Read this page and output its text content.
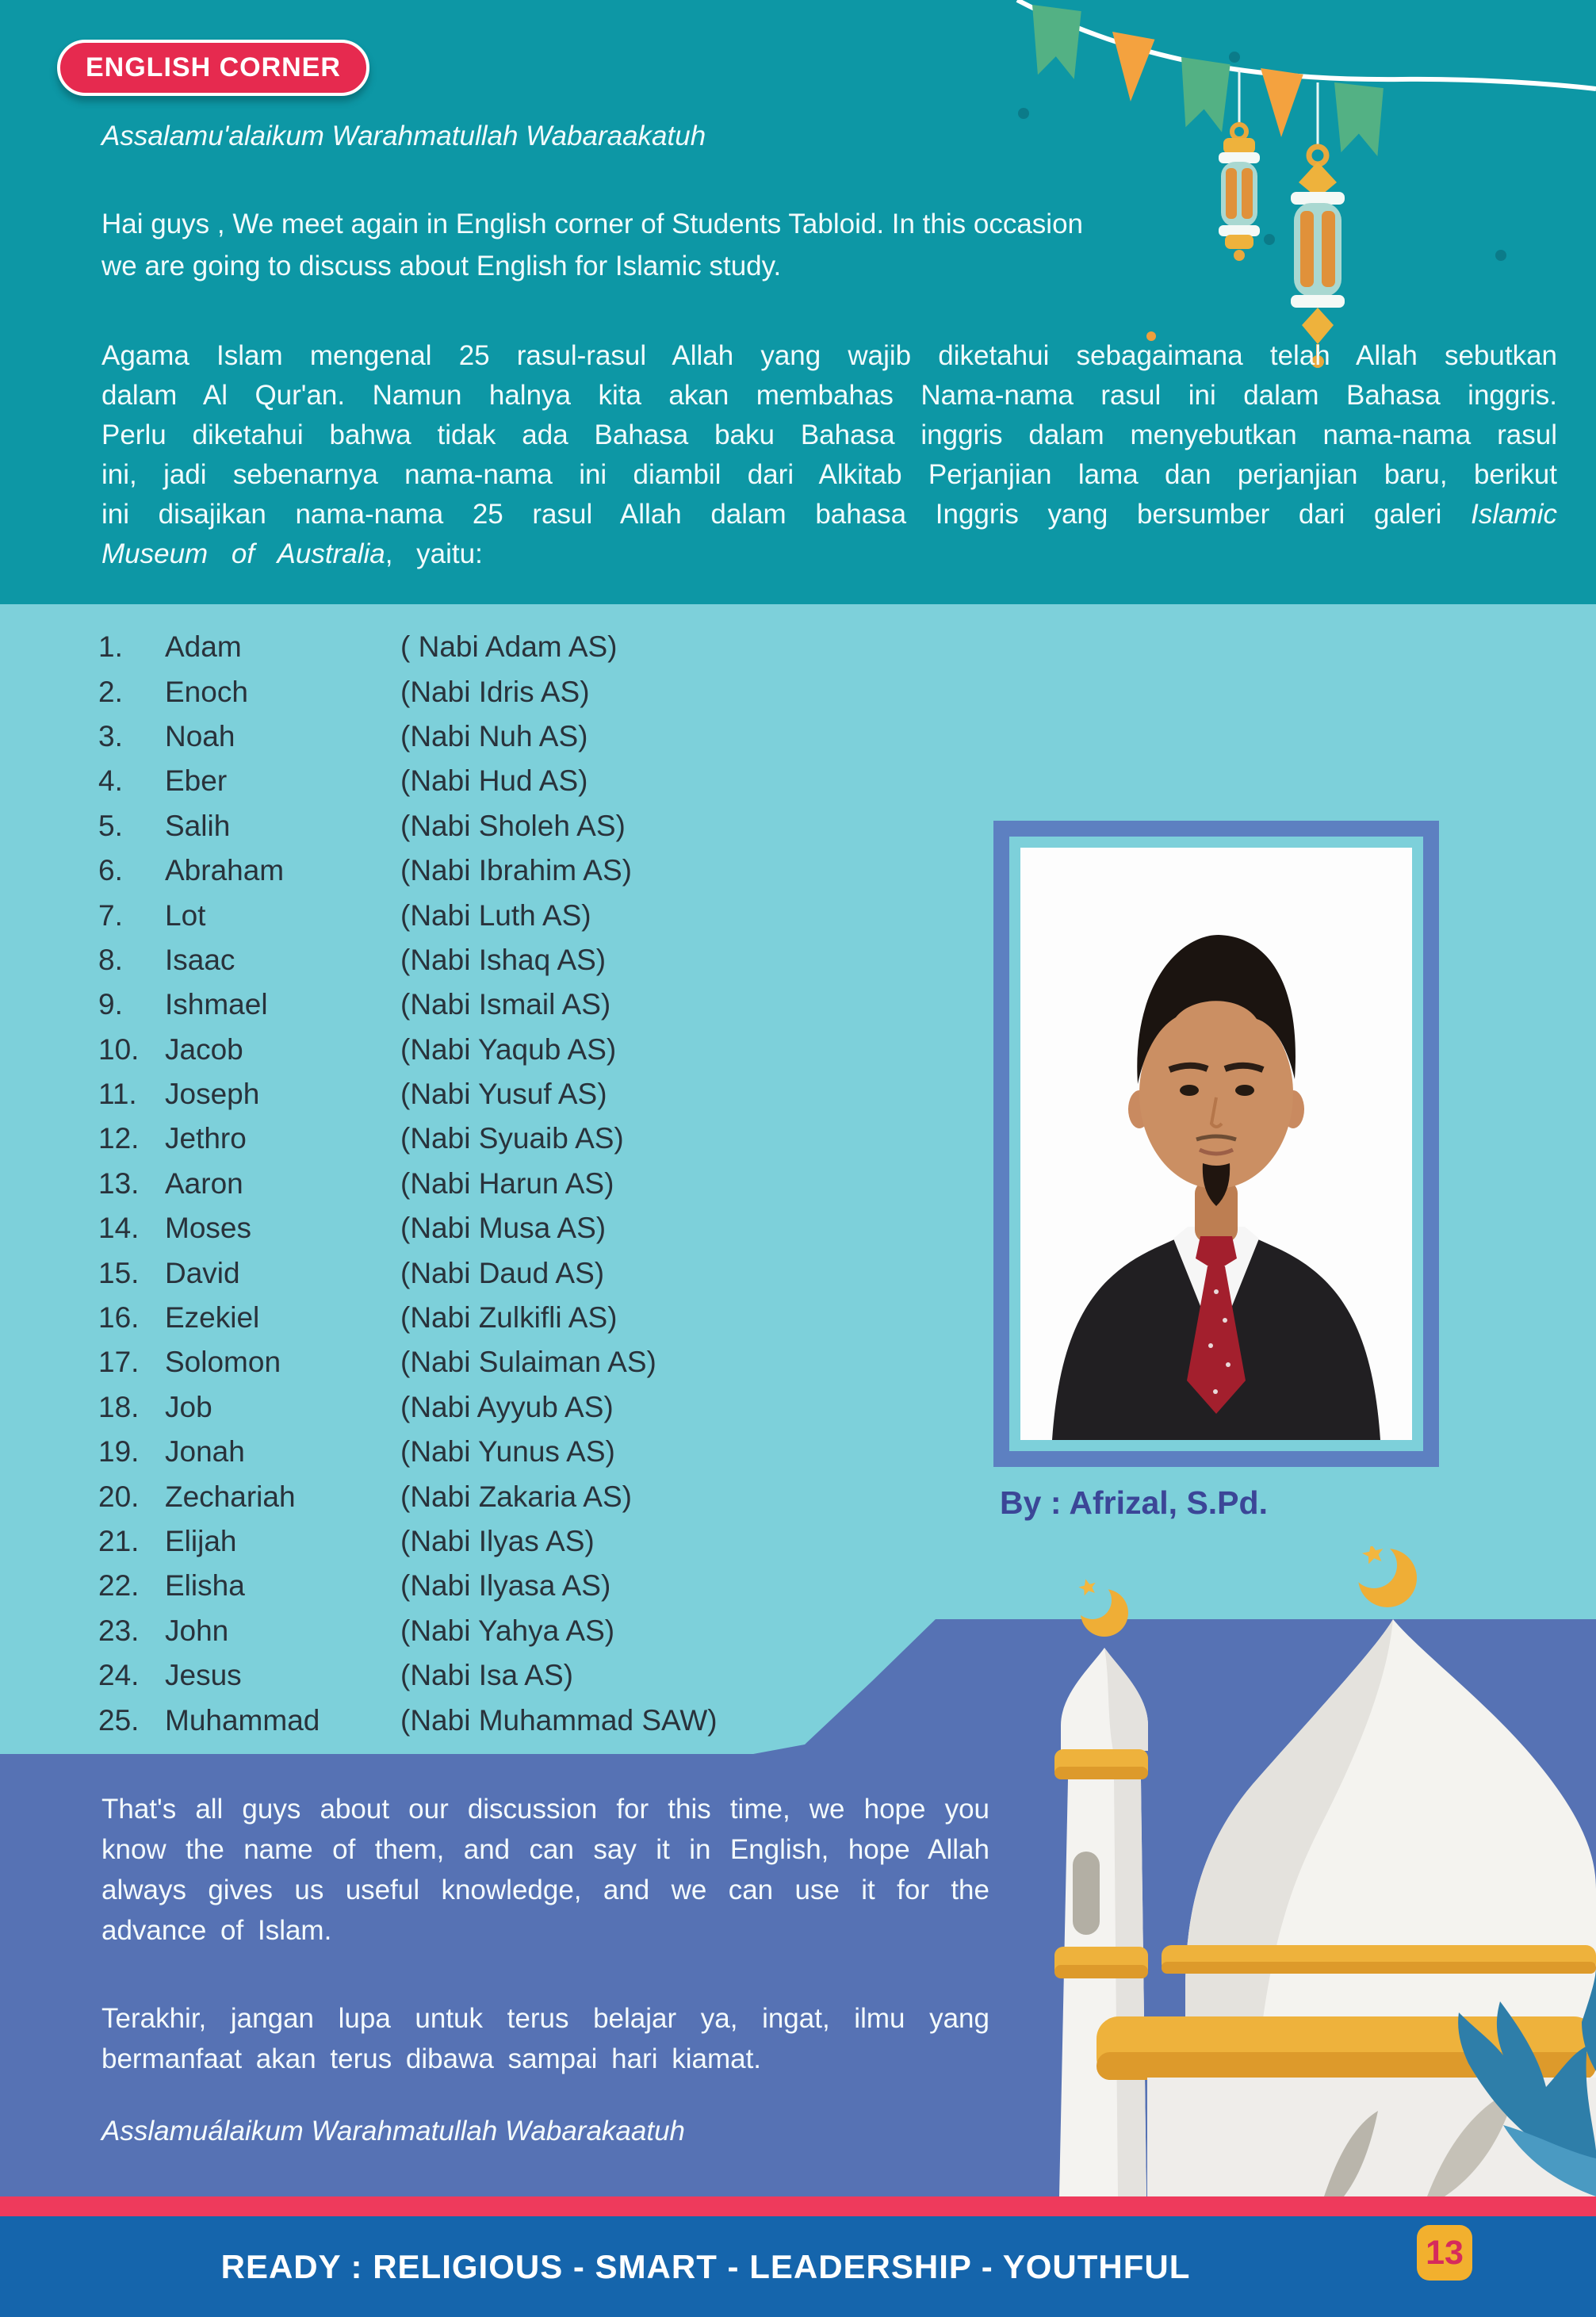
ENGLISH CORNER
Assalamu'alaikum Warahmatullah Wabaraakatuh
Hai guys , We meet again in English corner of Students Tabloid. In this occasion
we are going to discuss about English for Islamic study.
Agama Islam mengenal 25 rasul-rasul Allah yang wajib diketahui sebagaimana telah Allah sebutkan dalam Al Qur'an. Namun halnya kita akan membahas Nama-nama rasul ini dalam Bahasa inggris. Perlu diketahui bahwa tidak ada Bahasa baku Bahasa inggris dalam menyebutkan nama-nama rasul ini, jadi sebenarnya nama-nama ini diambil dari Alkitab Perjanjian lama dan perjanjian baru, berikut ini disajikan nama-nama 25 rasul Allah dalam bahasa Inggris yang bersumber dari galeri Islamic Museum of Australia, yaitu:
1.	Adam	( Nabi Adam AS)
2.	Enoch	(Nabi Idris AS)
3.	Noah	(Nabi Nuh AS)
4.	Eber	(Nabi Hud AS)
5.	Salih	(Nabi Sholeh AS)
6.	Abraham	(Nabi Ibrahim AS)
7.	Lot	(Nabi Luth AS)
8.	Isaac	(Nabi Ishaq AS)
9.	Ishmael	(Nabi Ismail AS)
10. Jacob	(Nabi Yaqub AS)
11. Joseph	(Nabi Yusuf AS)
12. Jethro	(Nabi Syuaib AS)
13. Aaron	(Nabi Harun AS)
14. Moses	(Nabi Musa AS)
15. David	(Nabi Daud AS)
16. Ezekiel	(Nabi Zulkifli AS)
17. Solomon	(Nabi Sulaiman AS)
18. Job	(Nabi Ayyub AS)
19. Jonah	(Nabi Yunus AS)
20. Zechariah	(Nabi Zakaria AS)
21. Elijah	(Nabi Ilyas AS)
22. Elisha	(Nabi Ilyasa AS)
23. John	(Nabi Yahya AS)
24. Jesus	(Nabi Isa AS)
25. Muhammad	(Nabi Muhammad SAW)
By : Afrizal, S.Pd.
That's all guys about our discussion for this time, we hope you know the name of them, and can say it in English, hope Allah always gives us useful knowledge, and we can use it for the advance of Islam.
Terakhir, jangan lupa untuk terus belajar ya, ingat, ilmu yang bermanfaat akan terus dibawa sampai hari kiamat.
Asslamuálaikum Warahmatullah Wabarakaatuh
READY : RELIGIOUS - SMART - LEADERSHIP - YOUTHFUL	13
